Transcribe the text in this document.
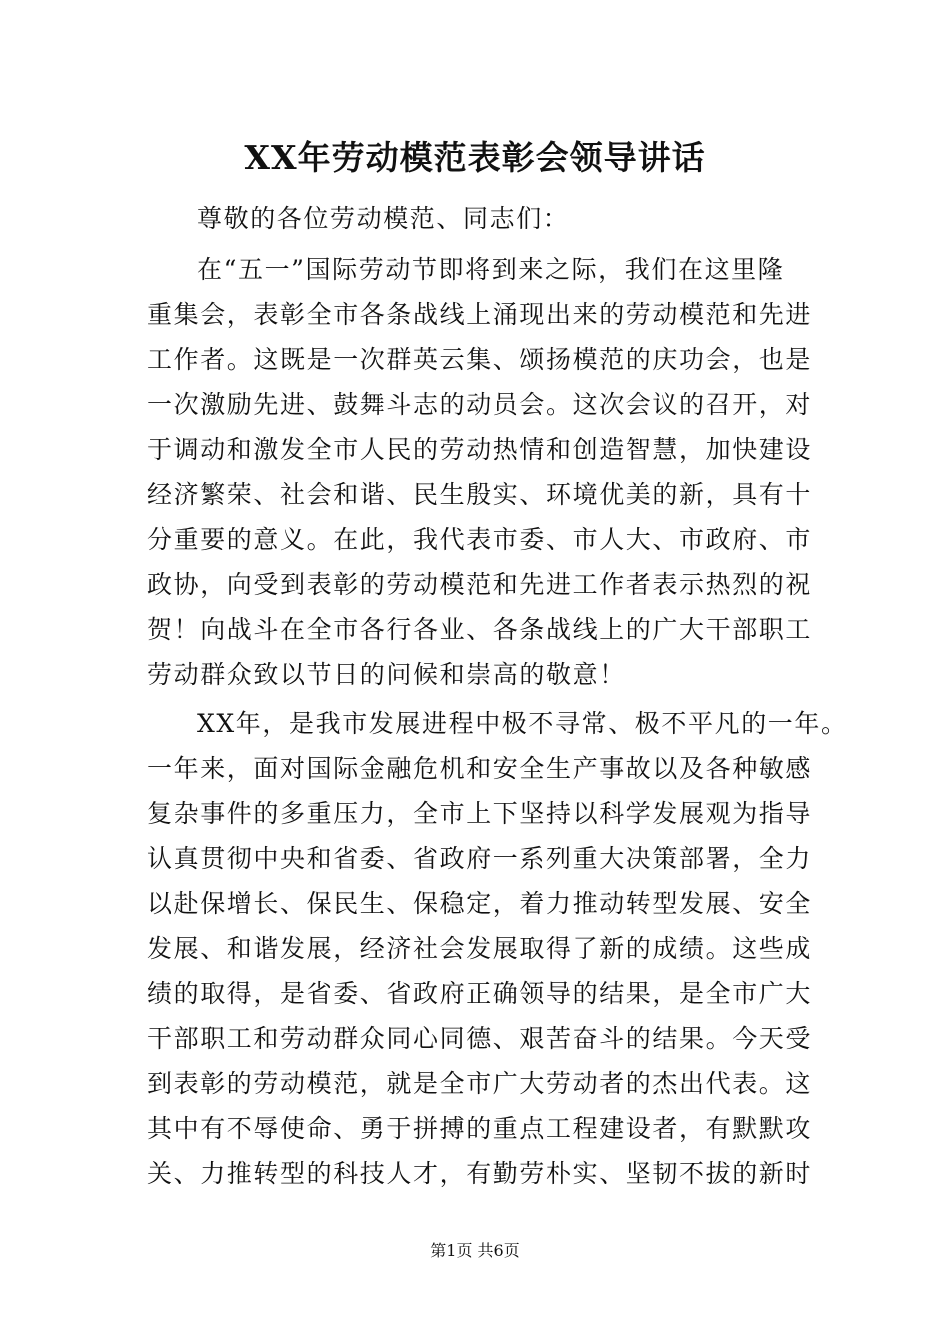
XX年劳动模范表彰会领导讲话
尊敬的各位劳动模范、同志们：
在“五一”国际劳动节即将到来之际，我们在这里隆
重集会，表彰全市各条战线上涌现出来的劳动模范和先进
工作者。这既是一次群英云集、颂扬模范的庆功会，也是
一次激励先进、鼓舞斗志的动员会。这次会议的召开，对
于调动和激发全市人民的劳动热情和创造智慧，加快建设
经济繁荣、社会和谐、民生殷实、环境优美的新，具有十
分重要的意义。在此，我代表市委、市人大、市政府、市
政协，向受到表彰的劳动模范和先进工作者表示热烈的祝
贺！向战斗在全市各行各业、各条战线上的广大干部职工
劳动群众致以节日的问候和崇高的敬意！
XX年，是我市发展进程中极不寻常、极不平凡的一年。
一年来，面对国际金融危机和安全生产事故以及各种敏感
复杂事件的多重压力，全市上下坚持以科学发展观为指导
认真贯彻中央和省委、省政府一系列重大决策部署，全力
以赴保增长、保民生、保稳定，着力推动转型发展、安全
发展、和谐发展，经济社会发展取得了新的成绩。这些成
绩的取得，是省委、省政府正确领导的结果，是全市广大
干部职工和劳动群众同心同德、艰苦奋斗的结果。今天受
到表彰的劳动模范，就是全市广大劳动者的杰出代表。这
其中有不辱使命、勇于拼搏的重点工程建设者，有默默攻
关、力推转型的科技人才，有勤劳朴实、坚韧不拔的新时
第1页 共6页
